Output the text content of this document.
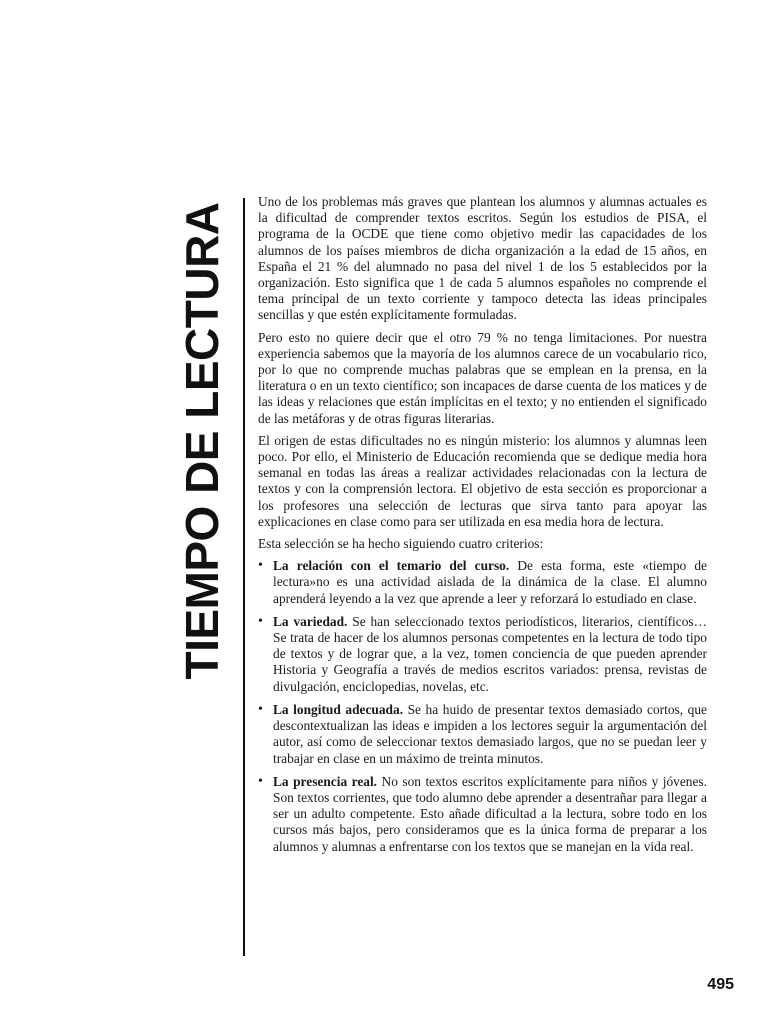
TIEMPO DE LECTURA

Uno de los problemas más graves que plantean los alumnos y alumnas actuales es la dificultad de comprender textos escritos. Según los estudios de PISA, el programa de la OCDE que tiene como objetivo medir las capacidades de los alumnos de los países miembros de dicha organización a la edad de 15 años, en España el 21 % del alumnado no pasa del nivel 1 de los 5 establecidos por la organización. Esto significa que 1 de cada 5 alumnos españoles no comprende el tema principal de un texto corriente y tampoco detecta las ideas principales sencillas y que estén explícitamente formuladas.

Pero esto no quiere decir que el otro 79 % no tenga limitaciones. Por nuestra experiencia sabemos que la mayoría de los alumnos carece de un vocabulario rico, por lo que no comprende muchas palabras que se emplean en la prensa, en la literatura o en un texto científico; son incapaces de darse cuenta de los matices y de las ideas y relaciones que están implícitas en el texto; y no entienden el significado de las metáforas y de otras figuras literarias.

El origen de estas dificultades no es ningún misterio: los alumnos y alumnas leen poco. Por ello, el Ministerio de Educación recomienda que se dedique media hora semanal en todas las áreas a realizar actividades relacionadas con la lectura de textos y con la comprensión lectora. El objetivo de esta sección es proporcionar a los profesores una selección de lecturas que sirva tanto para apoyar las explicaciones en clase como para ser utilizada en esa media hora de lectura.

Esta selección se ha hecho siguiendo cuatro criterios:

• La relación con el temario del curso. De esta forma, este «tiempo de lectura»no es una actividad aislada de la dinámica de la clase. El alumno aprenderá leyendo a la vez que aprende a leer y reforzará lo estudiado en clase.
• La variedad. Se han seleccionado textos periodísticos, literarios, científicos… Se trata de hacer de los alumnos personas competentes en la lectura de todo tipo de textos y de lograr que, a la vez, tomen conciencia de que pueden aprender Historia y Geografía a través de medios escritos variados: prensa, revistas de divulgación, enciclopedias, novelas, etc.
• La longitud adecuada. Se ha huido de presentar textos demasiado cortos, que descontextualizan las ideas e impiden a los lectores seguir la argumentación del autor, así como de seleccionar textos demasiado largos, que no se puedan leer y trabajar en clase en un máximo de treinta minutos.
• La presencia real. No son textos escritos explícitamente para niños y jóvenes. Son textos corrientes, que todo alumno debe aprender a desentrañar para llegar a ser un adulto competente. Esto añade dificultad a la lectura, sobre todo en los cursos más bajos, pero consideramos que es la única forma de preparar a los alumnos y alumnas a enfrentarse con los textos que se manejan en la vida real.
495
